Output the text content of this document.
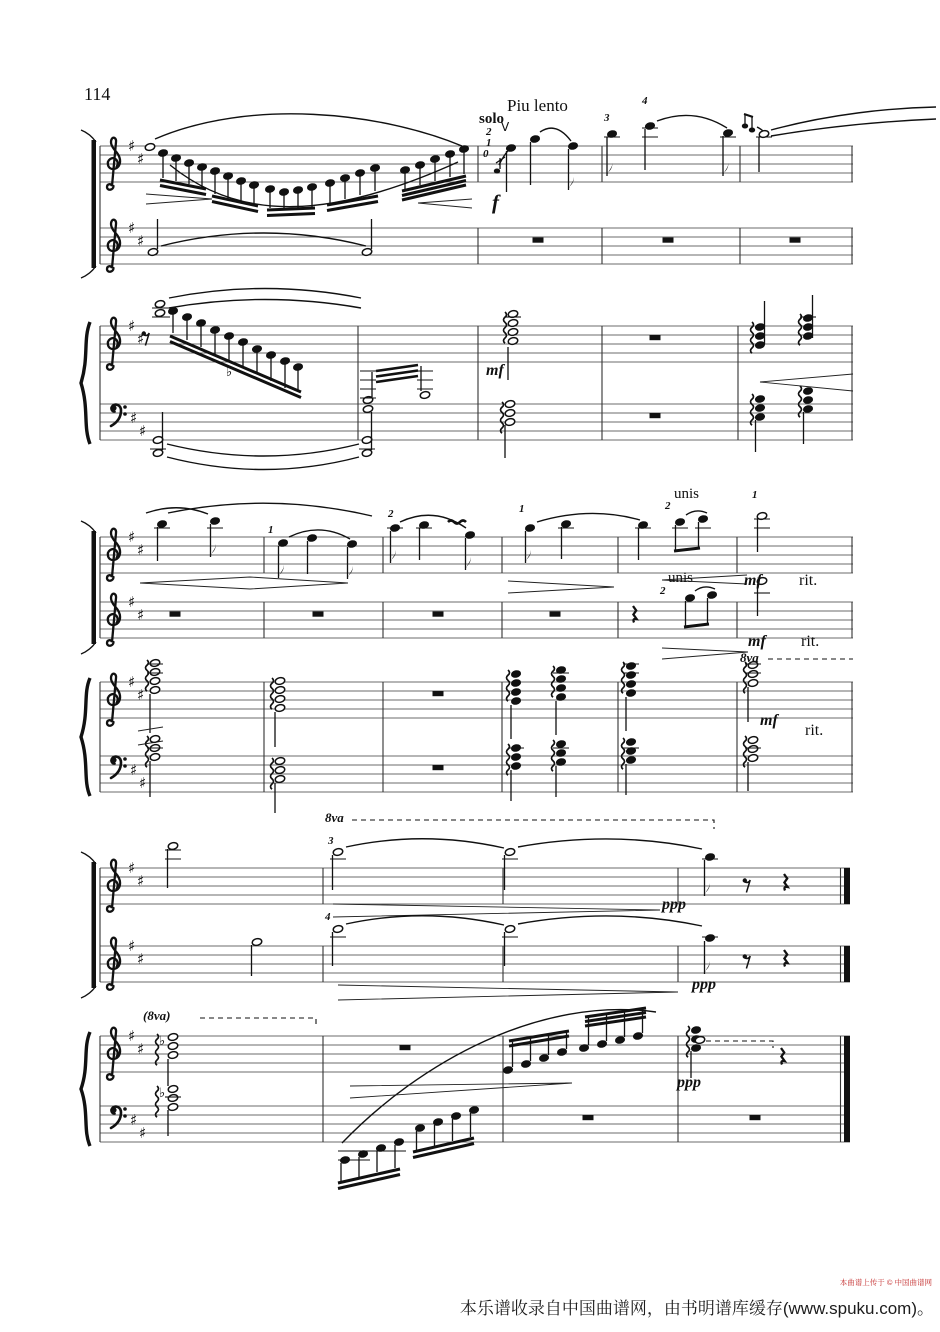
♯
♯
♯
♯
♯
♯
♯
♯
♭
♯
♯
♯
♯
♯
♯
♯
♯
♯
♯
♯
♯
♯
♯
♯
♯
♭
♭
114
Piu lento
solo
V
2
1
0
3
4
f
mf
1
2	1
unis
2
1
mf rit.
unis
2
mf rit.
8va
mf
rit.
8va
3
4
ppp
ppp
ppp
(8va)
本曲谱上传于 © 中国曲谱网
本乐谱收录自中国曲谱网，由书明谱库缓存(www.spuku.com)。
